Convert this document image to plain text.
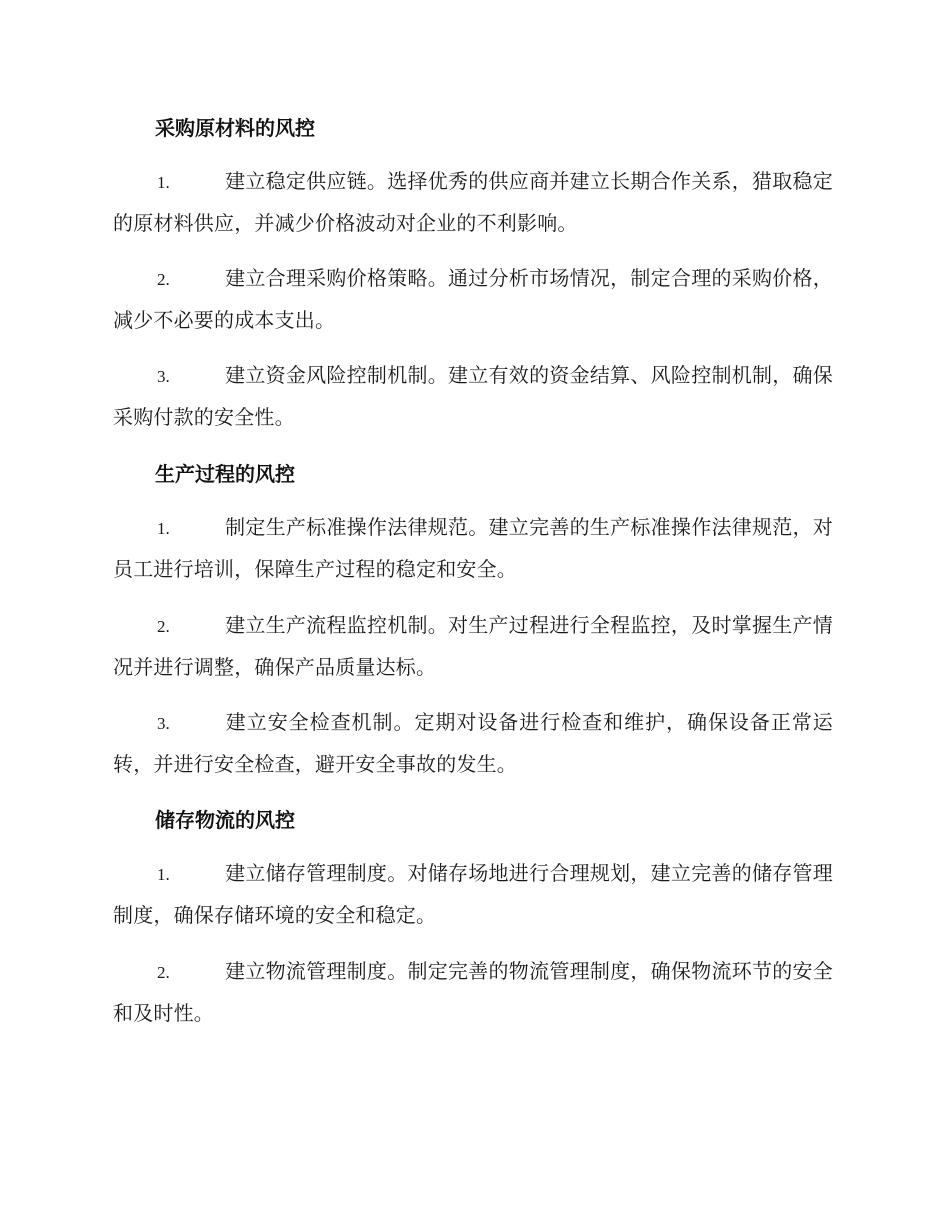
采购原材料的风控

1.	建立稳定供应链。选择优秀的供应商并建立长期合作关系，猎取稳定的原材料供应，并减少价格波动对企业的不利影响。

2.	建立合理采购价格策略。通过分析市场情况，制定合理的采购价格，减少不必要的成本支出。

3.	建立资金风险控制机制。建立有效的资金结算、风险控制机制，确保采购付款的安全性。

生产过程的风控

1.	制定生产标准操作法律规范。建立完善的生产标准操作法律规范，对员工进行培训，保障生产过程的稳定和安全。

2.	建立生产流程监控机制。对生产过程进行全程监控，及时掌握生产情况并进行调整，确保产品质量达标。

3.	建立安全检查机制。定期对设备进行检查和维护，确保设备正常运转，并进行安全检查，避开安全事故的发生。

储存物流的风控

1.	建立储存管理制度。对储存场地进行合理规划，建立完善的储存管理制度，确保存储环境的安全和稳定。

2.	建立物流管理制度。制定完善的物流管理制度，确保物流环节的安全和及时性。
